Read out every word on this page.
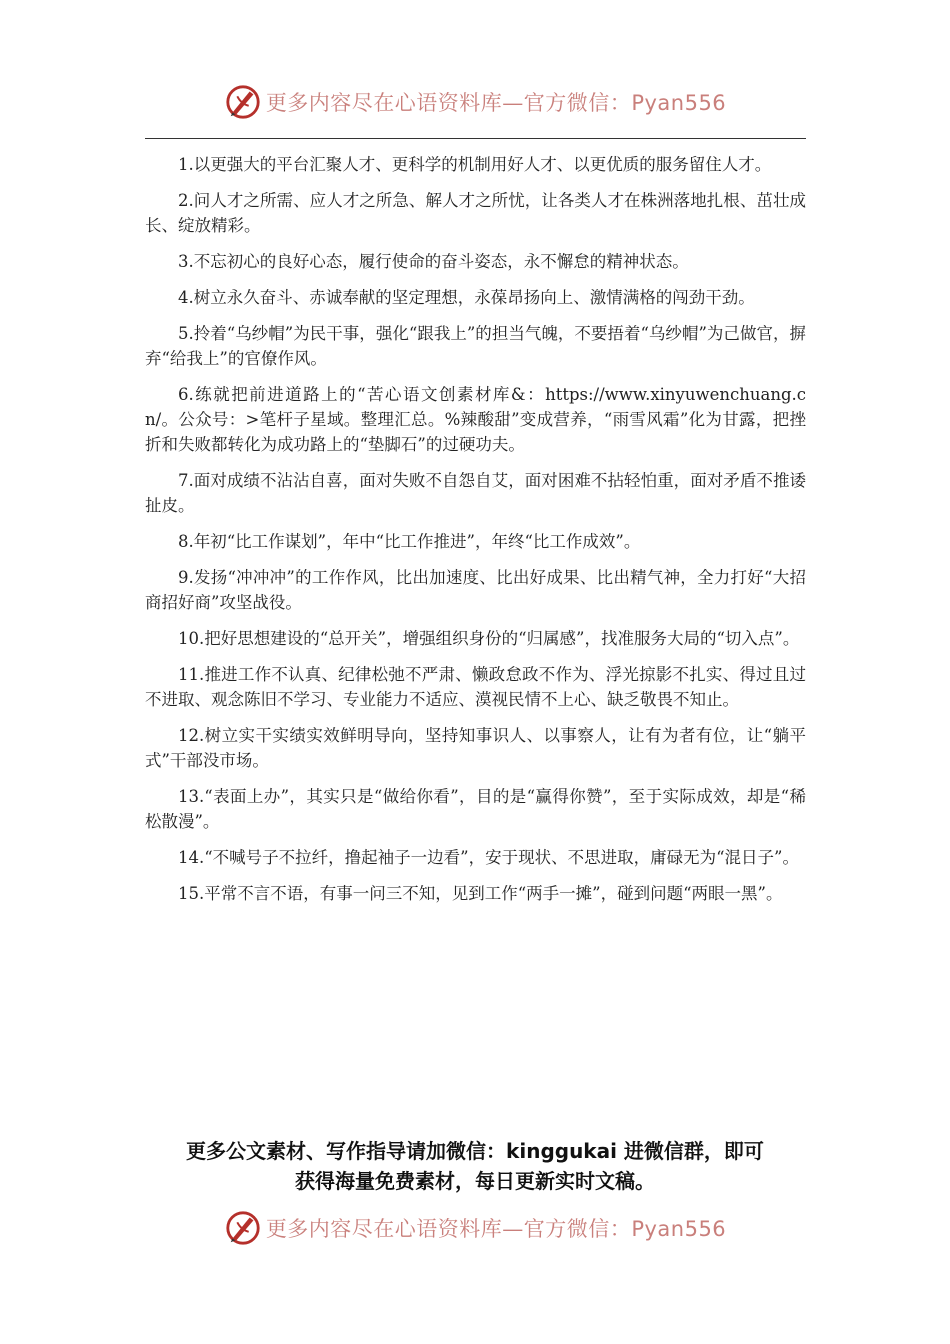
更多内容尽在心语资料库—官方微信：Pyan556

1.以更强大的平台汇聚人才、更科学的机制用好人才、以更优质的服务留住人才。

2.问人才之所需、应人才之所急、解人才之所忧，让各类人才在株洲落地扎根、茁壮成长、绽放精彩。

3.不忘初心的良好心态，履行使命的奋斗姿态，永不懈怠的精神状态。

4.树立永久奋斗、赤诚奉献的坚定理想，永葆昂扬向上、激情满格的闯劲干劲。

5.拎着“乌纱帽”为民干事，强化“跟我上”的担当气魄，不要捂着“乌纱帽”为己做官，摒弃“给我上”的官僚作风。

6.练就把前进道路上的“苦心语文创素材库&：https://www.xinyuwenchuang.cn/。公众号：>笔杆子星域。整理汇总。%辣酸甜”变成营养，“雨雪风霜”化为甘露，把挫折和失败都转化为成功路上的“垫脚石”的过硬功夫。

7.面对成绩不沾沾自喜，面对失败不自怨自艾，面对困难不拈轻怕重，面对矛盾不推诿扯皮。

8.年初“比工作谋划”，年中“比工作推进”，年终“比工作成效”。

9.发扬“冲冲冲”的工作作风，比出加速度、比出好成果、比出精气神，全力打好“大招商招好商”攻坚战役。

10.把好思想建设的“总开关”，增强组织身份的“归属感”，找准服务大局的“切入点”。

11.推进工作不认真、纪律松弛不严肃、懒政怠政不作为、浮光掠影不扎实、得过且过不进取、观念陈旧不学习、专业能力不适应、漠视民情不上心、缺乏敬畏不知止。

12.树立实干实绩实效鲜明导向，坚持知事识人、以事察人，让有为者有位，让“躺平式”干部没市场。

13.“表面上办”，其实只是“做给你看”，目的是“赢得你赞”，至于实际成效，却是“稀松散漫”。

14.“不喊号子不拉纤，撸起袖子一边看”，安于现状、不思进取，庸碌无为“混日子”。

15.平常不言不语，有事一问三不知，见到工作“两手一摊”，碰到问题“两眼一黑”。

更多公文素材、写作指导请加微信：kinggukai 进微信群，即可
获得海量免费素材，每日更新实时文稿。
更多内容尽在心语资料库—官方微信：Pyan556
